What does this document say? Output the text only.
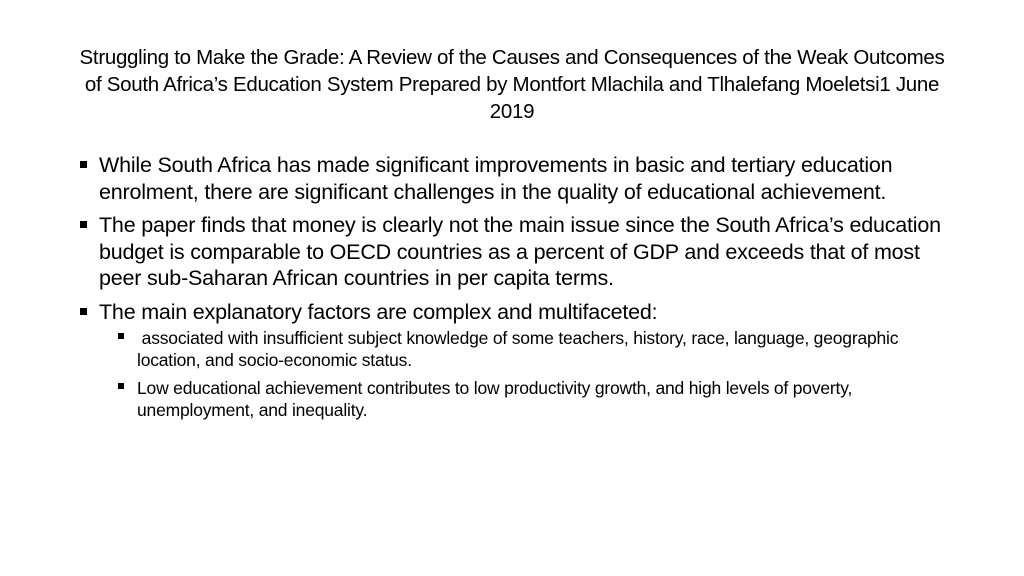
Struggling to Make the Grade: A Review of the Causes and Consequences of the Weak Outcomes of South Africa’s Education System Prepared by Montfort Mlachila and Tlhalefang Moeletsi1 June 2019
While South Africa has made significant improvements in basic and tertiary education enrolment, there are significant challenges in the quality of educational achievement.
The paper finds that money is clearly not the main issue since the South Africa’s education budget is comparable to OECD countries as a percent of GDP and exceeds that of most peer sub-Saharan African countries in per capita terms.
The main explanatory factors are complex and multifaceted:
associated with insufficient subject knowledge of some teachers, history, race, language, geographic location, and socio-economic status.
Low educational achievement contributes to low productivity growth, and high levels of poverty, unemployment, and inequality.
